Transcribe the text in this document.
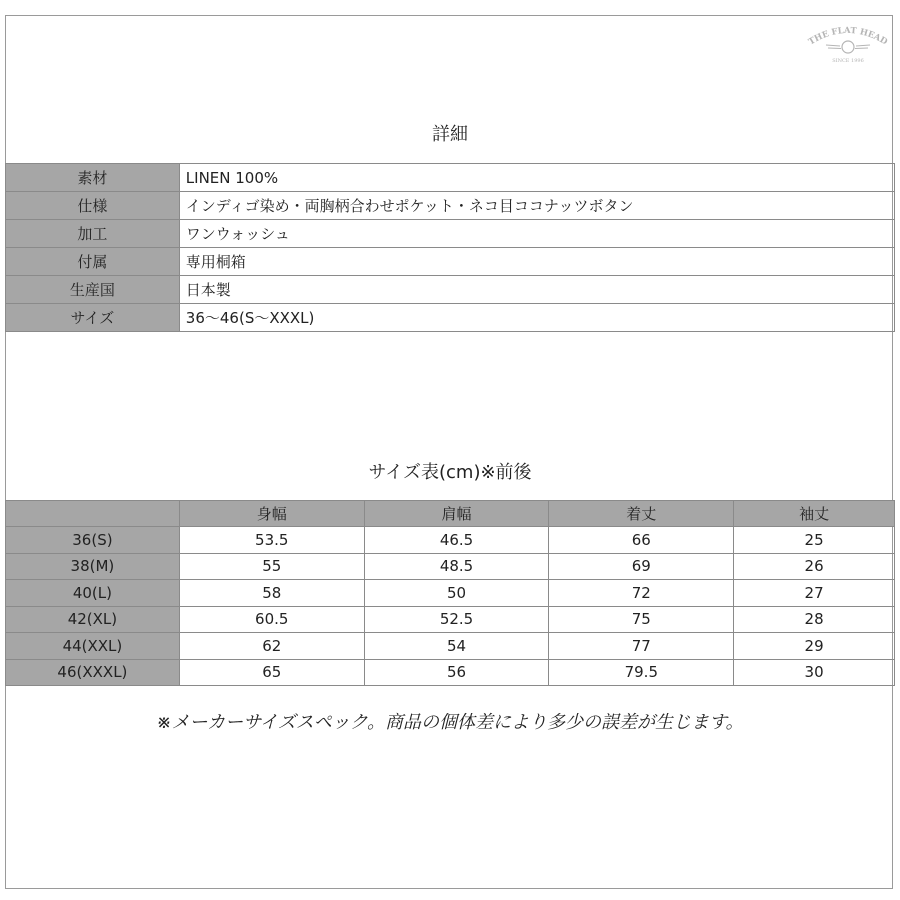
THE FLAT HEAD
SINCE 1996
詳細
素材	LINEN 100%
仕様	インディゴ染め・両胸柄合わせポケット・ネコ目ココナッツボタン
加工	ワンウォッシュ
付属	専用桐箱
生産国	日本製
サイズ	36〜46(S〜XXXL)
サイズ表(cm)※前後
	身幅	肩幅	着丈	袖丈
36(S)	53.5	46.5	66	25
38(M)	55	48.5	69	26
40(L)	58	50	72	27
42(XL)	60.5	52.5	75	28
44(XXL)	62	54	77	29
46(XXXL)	65	56	79.5	30
※メーカーサイズスペック。商品の個体差により多少の誤差が生じます。
